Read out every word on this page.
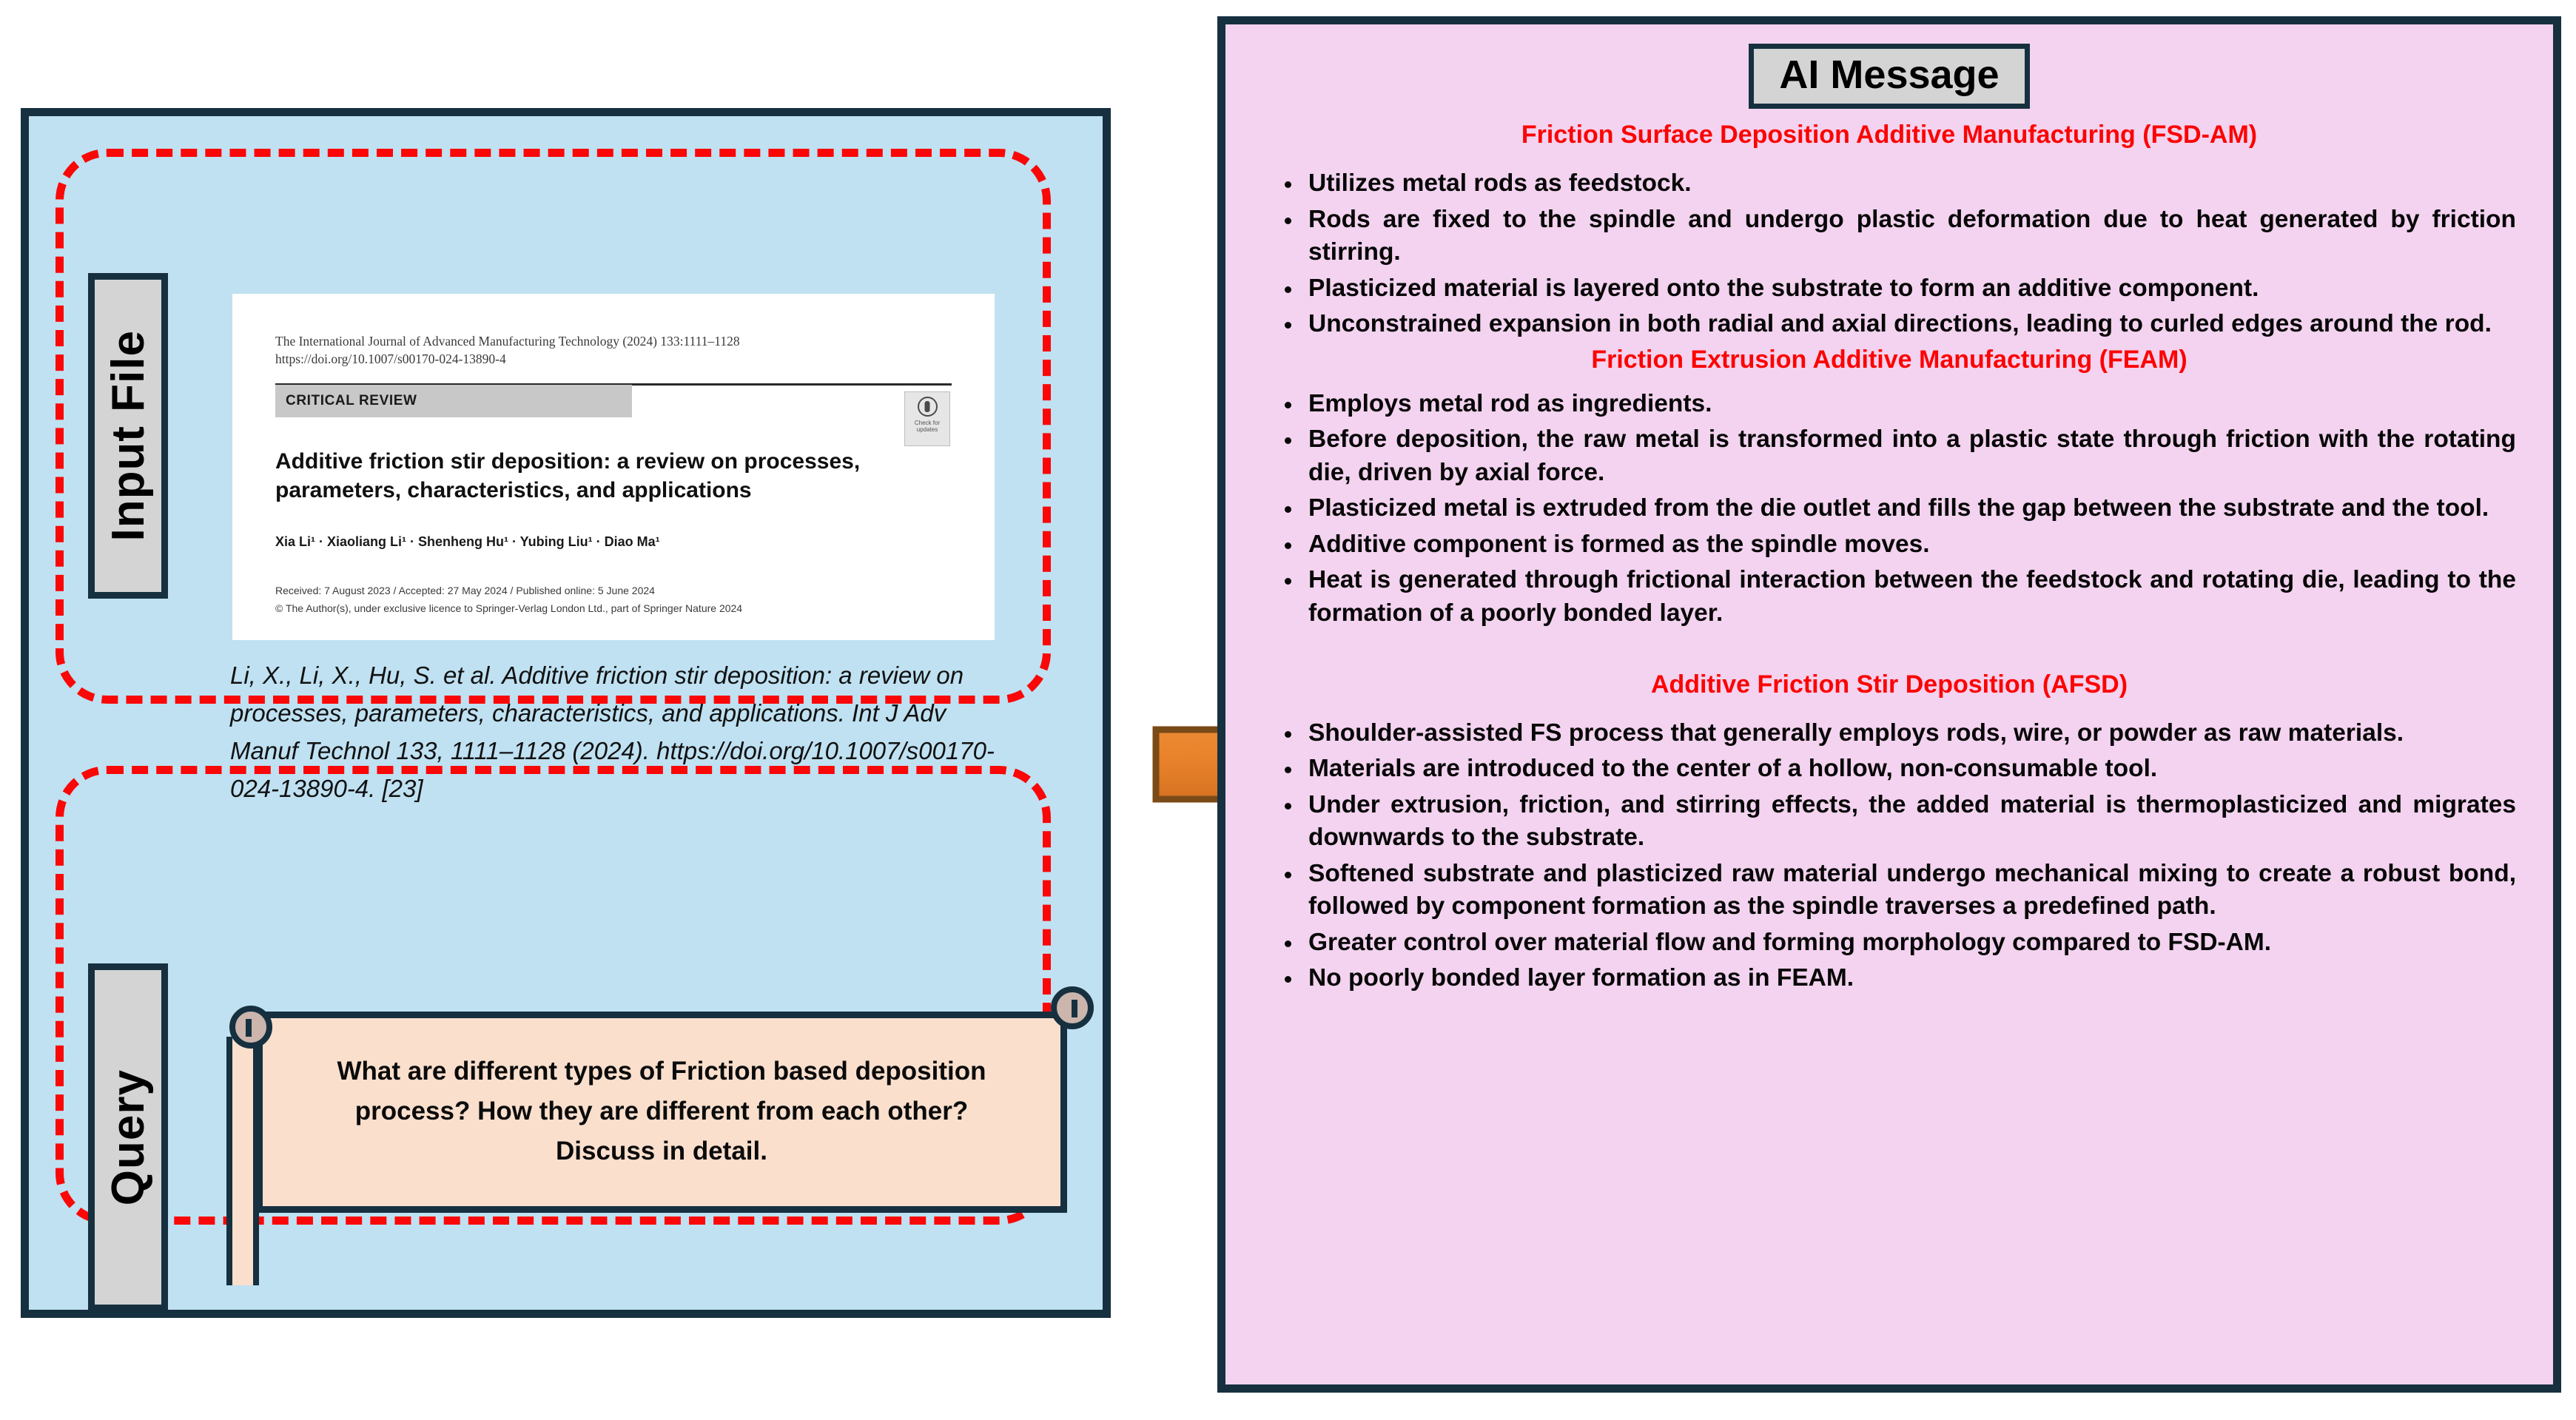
Input File
Query
The International Journal of Advanced Manufacturing Technology (2024) 133:1111–1128
https://doi.org/10.1007/s00170-024-13890-4
CRITICAL REVIEW
Check for updates
Additive friction stir deposition: a review on processes, parameters, characteristics, and applications
Xia Li¹ · Xiaoliang Li¹ · Shenheng Hu¹ · Yubing Liu¹ · Diao Ma¹
Received: 7 August 2023 / Accepted: 27 May 2024 / Published online: 5 June 2024
© The Author(s), under exclusive licence to Springer-Verlag London Ltd., part of Springer Nature 2024
Li, X., Li, X., Hu, S. et al. Additive friction stir deposition: a review on processes, parameters, characteristics, and applications. Int J Adv Manuf Technol 133, 1111–1128 (2024). https://doi.org/10.1007/s00170-024-13890-4. [23]
What are different types of Friction based deposition process? How they are different from each other? Discuss in detail.
AI Message
Friction Surface Deposition Additive Manufacturing (FSD-AM)
Utilizes metal rods as feedstock.
Rods are fixed to the spindle and undergo plastic deformation due to heat generated by friction stirring.
Plasticized material is layered onto the substrate to form an additive component.
Unconstrained expansion in both radial and axial directions, leading to curled edges around the rod.
Friction Extrusion Additive Manufacturing (FEAM)
Employs metal rod as ingredients.
Before deposition, the raw metal is transformed into a plastic state through friction with the rotating die, driven by axial force.
Plasticized metal is extruded from the die outlet and fills the gap between the substrate and the tool.
Additive component is formed as the spindle moves.
Heat is generated through frictional interaction between the feedstock and rotating die, leading to the formation of a poorly bonded layer.
Additive Friction Stir Deposition (AFSD)
Shoulder-assisted FS process that generally employs rods, wire, or powder as raw materials.
Materials are introduced to the center of a hollow, non-consumable tool.
Under extrusion, friction, and stirring effects, the added material is thermoplasticized and migrates downwards to the substrate.
Softened substrate and plasticized raw material undergo mechanical mixing to create a robust bond, followed by component formation as the spindle traverses a predefined path.
Greater control over material flow and forming morphology compared to FSD-AM.
No poorly bonded layer formation as in FEAM.
